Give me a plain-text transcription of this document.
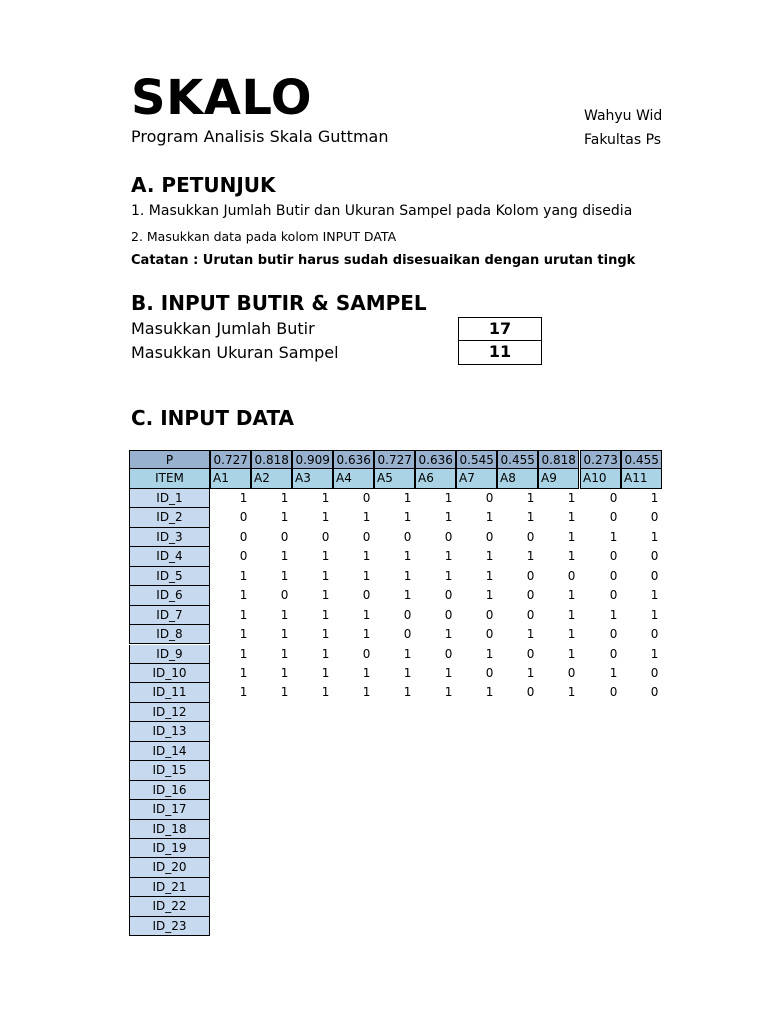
SKALO
Program Analisis Skala Guttman
Wahyu Wid
Fakultas Ps
A. PETUNJUK
1. Masukkan Jumlah Butir dan Ukuran Sampel pada Kolom yang disedia
2. Masukkan data pada kolom INPUT DATA
Catatan : Urutan butir harus sudah disesuaikan dengan urutan tingk
B. INPUT BUTIR & SAMPEL
Masukkan Jumlah Butir	17
Masukkan Ukuran Sampel	11
C. INPUT DATA
P	0.727 0.818 0.909 0.636 0.727 0.636 0.545 0.455 0.818 0.273 0.455
ITEM	A1	A2	A3	A4	A5	A6	A7	A8	A9	A10	A11
ID_1	1	1	1	0	1	1	0	1	1	0	1
ID_2	0	1	1	1	1	1	1	1	1	0	0
ID_3	0	0	0	0	0	0	0	0	1	1	1
ID_4	0	1	1	1	1	1	1	1	1	0	0
ID_5	1	1	1	1	1	1	1	0	0	0	0
ID_6	1	0	1	0	1	0	1	0	1	0	1
ID_7	1	1	1	1	0	0	0	0	1	1	1
ID_8	1	1	1	1	0	1	0	1	1	0	0
ID_9	1	1	1	0	1	0	1	0	1	0	1
ID_10	1	1	1	1	1	1	0	1	0	1	0
ID_11	1	1	1	1	1	1	1	0	1	0	0
ID_12
ID_13
ID_14
ID_15
ID_16
ID_17
ID_18
ID_19
ID_20
ID_21
ID_22
ID_23
